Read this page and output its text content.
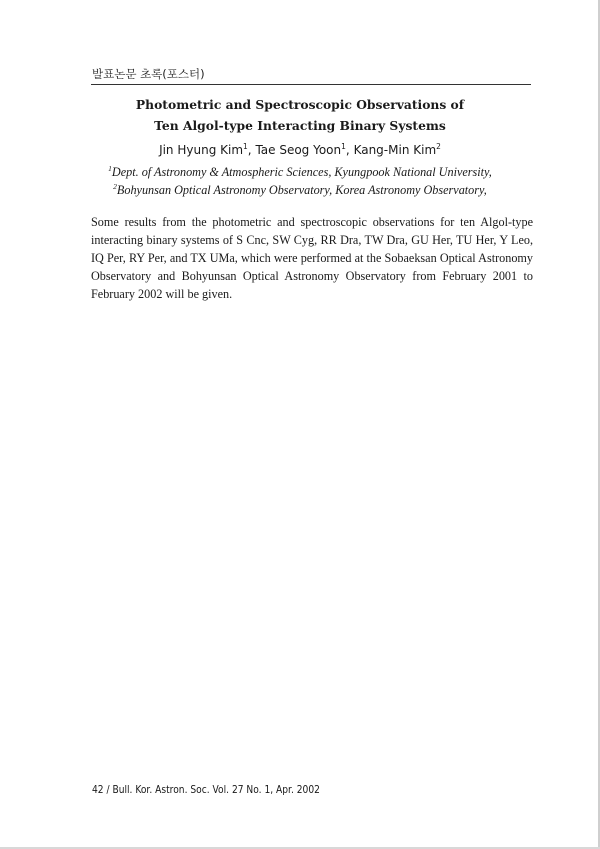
발표논문 초록(포스터)
Photometric and Spectroscopic Observations of
Ten Algol-type Interacting Binary Systems
Jin Hyung Kim$^1$, Tae Seog Yoon$^1$, Kang-Min Kim$^2$
$^1$Dept. of Astronomy & Atmospheric Sciences, Kyungpook National University,
$^2$Bohyunsan Optical Astronomy Observatory, Korea Astronomy Observatory,

Some results from the photometric and spectroscopic observations for ten Algol-type interacting binary systems of S Cnc, SW Cyg, RR Dra, TW Dra, GU Her, TU Her, Y Leo, IQ Per, RY Per, and TX UMa, which were performed at the Sobaeksan Optical Astronomy Observatory and Bohyunsan Optical Astronomy Observatory from February 2001 to February 2002 will be given.

42 / Bull. Kor. Astron. Soc. Vol. 27 No. 1, Apr. 2002
